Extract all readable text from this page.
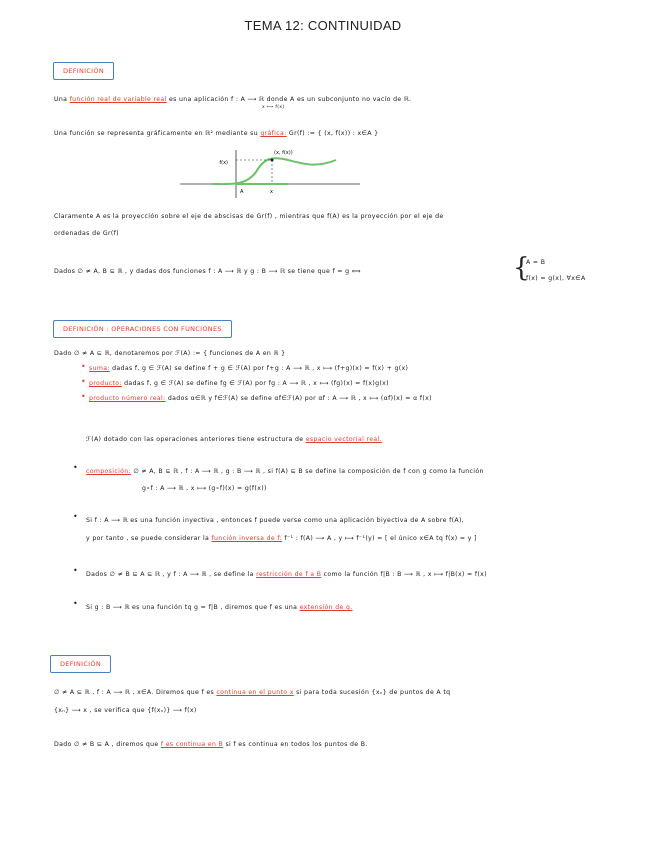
TEMA 12: CONTINUIDAD
DEFINICIÓN
Una función real de variable real es una aplicación f : A ⟶ ℝ donde A es un subconjunto no vacío de ℝ.
x ⟼ f(x)
Una función se representa gráficamente en ℝ² mediante su gráfica: Gr(f) := { (x, f(x)) : x∈A }
f(x)
(x, f(x))
A	x
Claramente A es la proyección sobre el eje de abscisas de Gr(f) , mientras que f(A) es la proyección por el eje de
ordenadas de Gr(f)
Dados ∅ ≠ A, B ⊆ ℝ , y dadas dos funciones f : A ⟶ ℝ y g : B ⟶ ℝ se tiene que f = g ⟺	{
A = B
f(x) = g(x), ∀x∈A
DEFINICIÓN : OPERACIONES CON FUNCIONES
Dado ∅ ≠ A ⊆ ℝ, denotaremos por ℱ(A) := { funciones de A en ℝ }
• suma: dadas f, g ∈ ℱ(A) se define f + g ∈ ℱ(A) por f+g : A ⟶ ℝ , x ⟼ (f+g)(x) = f(x) + g(x)
• producto: dadas f, g ∈ ℱ(A) se define fg ∈ ℱ(A) por fg : A ⟶ ℝ , x ⟼ (fg)(x) = f(x)g(x)
• producto número real: dados α∈ℝ y f∈ℱ(A) se define αf∈ℱ(A) por αf : A ⟶ ℝ , x ⟼ (αf)(x) = α f(x)
ℱ(A) dotado con las operaciones anteriores tiene estructura de espacio vectorial real.
• composición: ∅ ≠ A, B ⊆ ℝ , f : A ⟶ ℝ , g : B ⟶ ℝ , si f(A) ⊆ B se define la composición de f con g como la función
g∘f : A ⟶ ℝ , x ⟼ (g∘f)(x) = g(f(x))
• Si f : A ⟶ ℝ es una función inyectiva , entonces f puede verse como una aplicación biyectiva de A sobre f(A),
y por tanto , se puede considerar la función inversa de f: f⁻¹ : f(A) ⟶ A , y ⟼ f⁻¹(y) = [ el único x∈A tq f(x) = y ]
• Dados ∅ ≠ B ⊆ A ⊆ ℝ , y f : A ⟶ ℝ , se define la restricción de f a B como la función f|B : B ⟶ ℝ , x ⟼ f|B(x) = f(x)
• Si g : B ⟶ ℝ es una función tq g = f|B , diremos que f es una extensión de g.
DEFINICIÓN
∅ ≠ A ⊆ ℝ , f : A ⟶ ℝ , x∈A. Diremos que f es continua en el punto x si para toda sucesión {xₙ} de puntos de A tq
{xₙ} ⟶ x , se verifica que {f(xₙ)} ⟶ f(x)
Dado ∅ ≠ B ⊆ A , diremos que f es continua en B si f es continua en todos los puntos de B.
